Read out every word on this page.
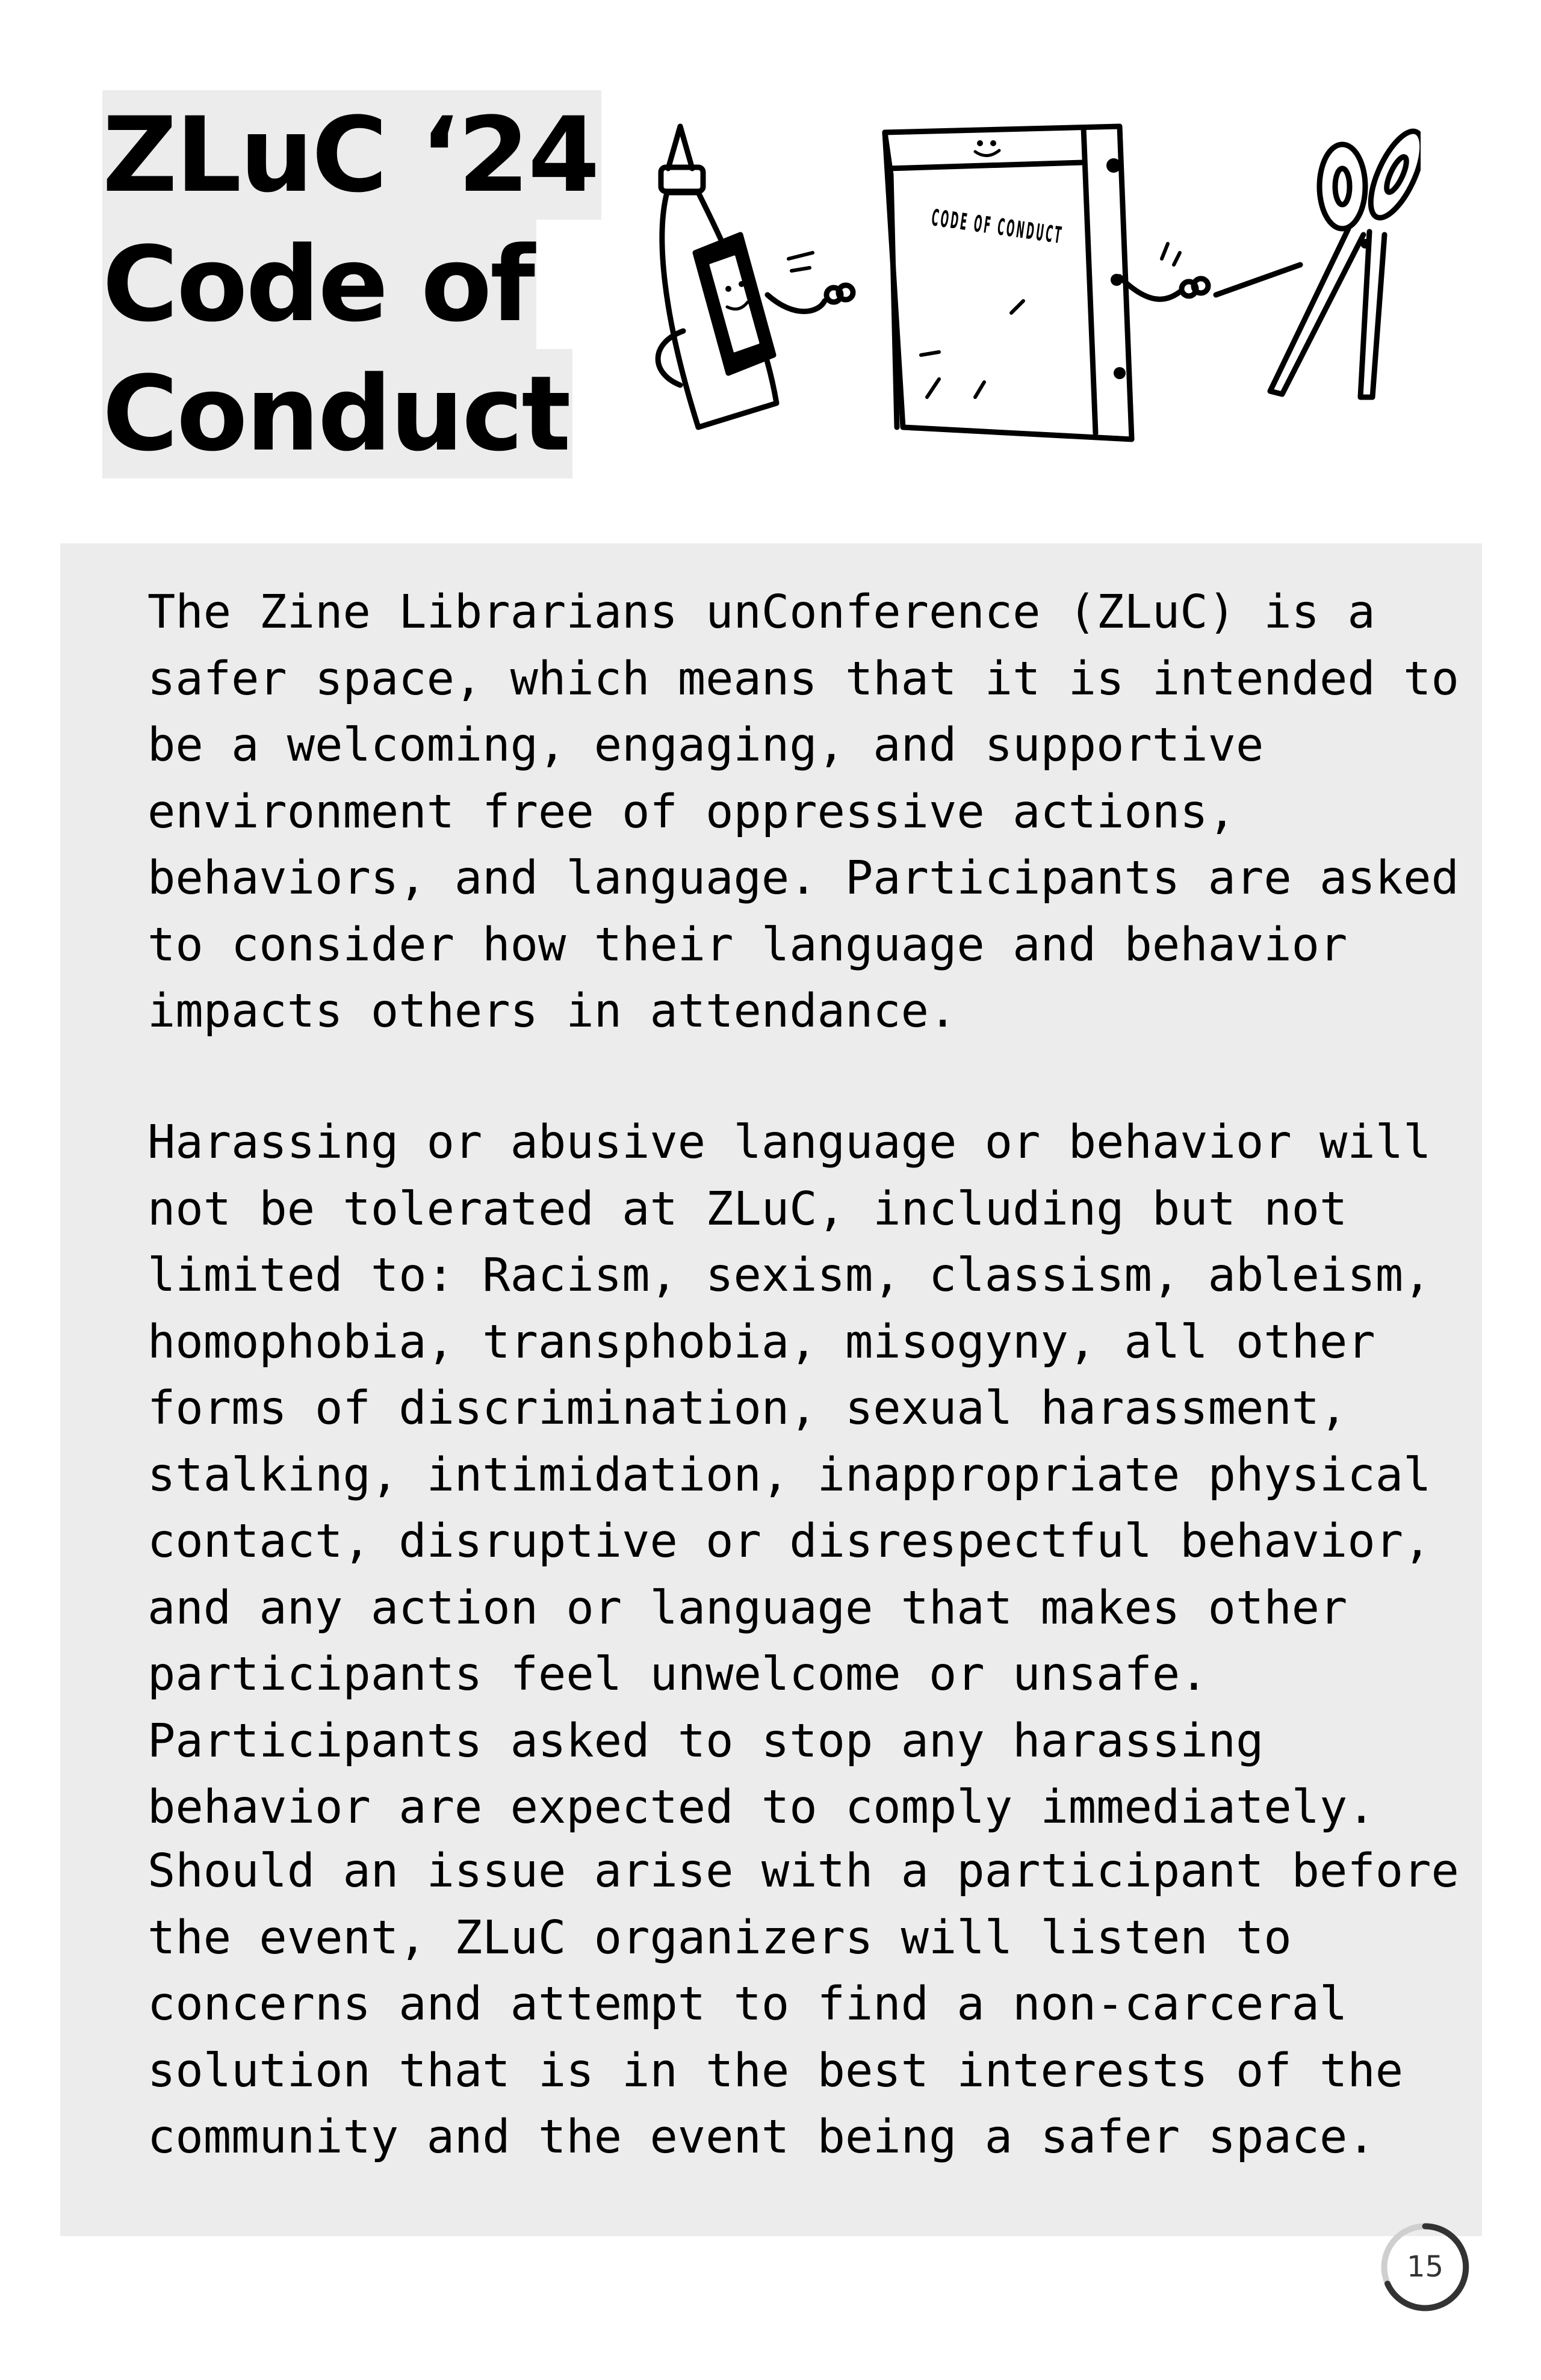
ZLuC ‘24
Code of
Conduct

The Zine Librarians unConference (ZLuC) is a
safer space, which means that it is intended to
be a welcoming, engaging, and supportive
environment free of oppressive actions,
behaviors, and language. Participants are asked
to consider how their language and behavior
impacts others in attendance.

Harassing or abusive language or behavior will
not be tolerated at ZLuC, including but not
limited to: Racism, sexism, classism, ableism,
homophobia, transphobia, misogyny, all other
forms of discrimination, sexual harassment,
stalking, intimidation, inappropriate physical
contact, disruptive or disrespectful behavior,
and any action or language that makes other
participants feel unwelcome or unsafe.
Participants asked to stop any harassing
behavior are expected to comply immediately.

Should an issue arise with a participant before
the event, ZLuC organizers will listen to
concerns and attempt to find a non-carceral
solution that is in the best interests of the
community and the event being a safer space.

15
